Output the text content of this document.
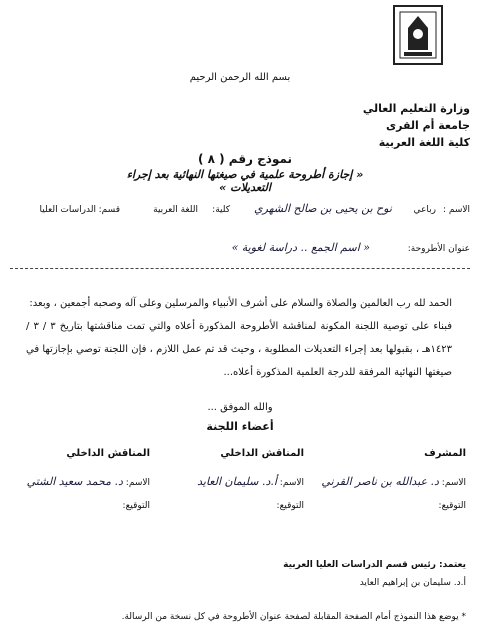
بسم الله الرحمن الرحيم
وزارة التعليم العالي
جامعة أم القرى
كلية اللغة العربية
نموذج رقم ( ٨ )
« إجازة أطروحة علمية في صيغتها النهائية بعد إجراء التعديلات »
الاسم :
رباعي
نوح بن يحيى بن صالح الشهري
كلية:
اللغة العربية
قسم:
الدراسات العليا
عنوان الأطروحة:
« اسم الجمع .. دراسة لغوية »

الحمد لله رب العالمين والصلاة والسلام على أشرف الأنبياء والمرسلين وعلى آله وصحبه أجمعين ، وبعد:

فبناء على توصية اللجنة المكونة لمناقشة الأطروحة المذكورة أعلاه والتي تمت مناقشتها بتاريخ ٣ / ٣ / ١٤٢٣هـ ، بقبولها بعد إجراء التعديلات المطلوبة ، وحيث قد تم عمل اللازم ، فإن اللجنة توصي بإجازتها في صيغتها النهائية المرفقة للدرجة العلمية المذكورة أعلاه...

والله الموفق ...
أعضاء اللجنة
المشرف
الاسم: د. عبدالله بن ناصر القرني
التوقيع:
المناقش الداخلي
الاسم: أ.د. سليمان العايد
التوقيع:
المناقش الداخلي
الاسم: د. محمد سعيد الشتي
التوقيع:
يعتمد: رئيس قسم الدراسات العليا العربية
أ.د. سليمان بن إبراهيم العايد
* يوضع هذا النموذج أمام الصفحة المقابلة لصفحة عنوان الأطروحة في كل نسخة من الرسالة.
